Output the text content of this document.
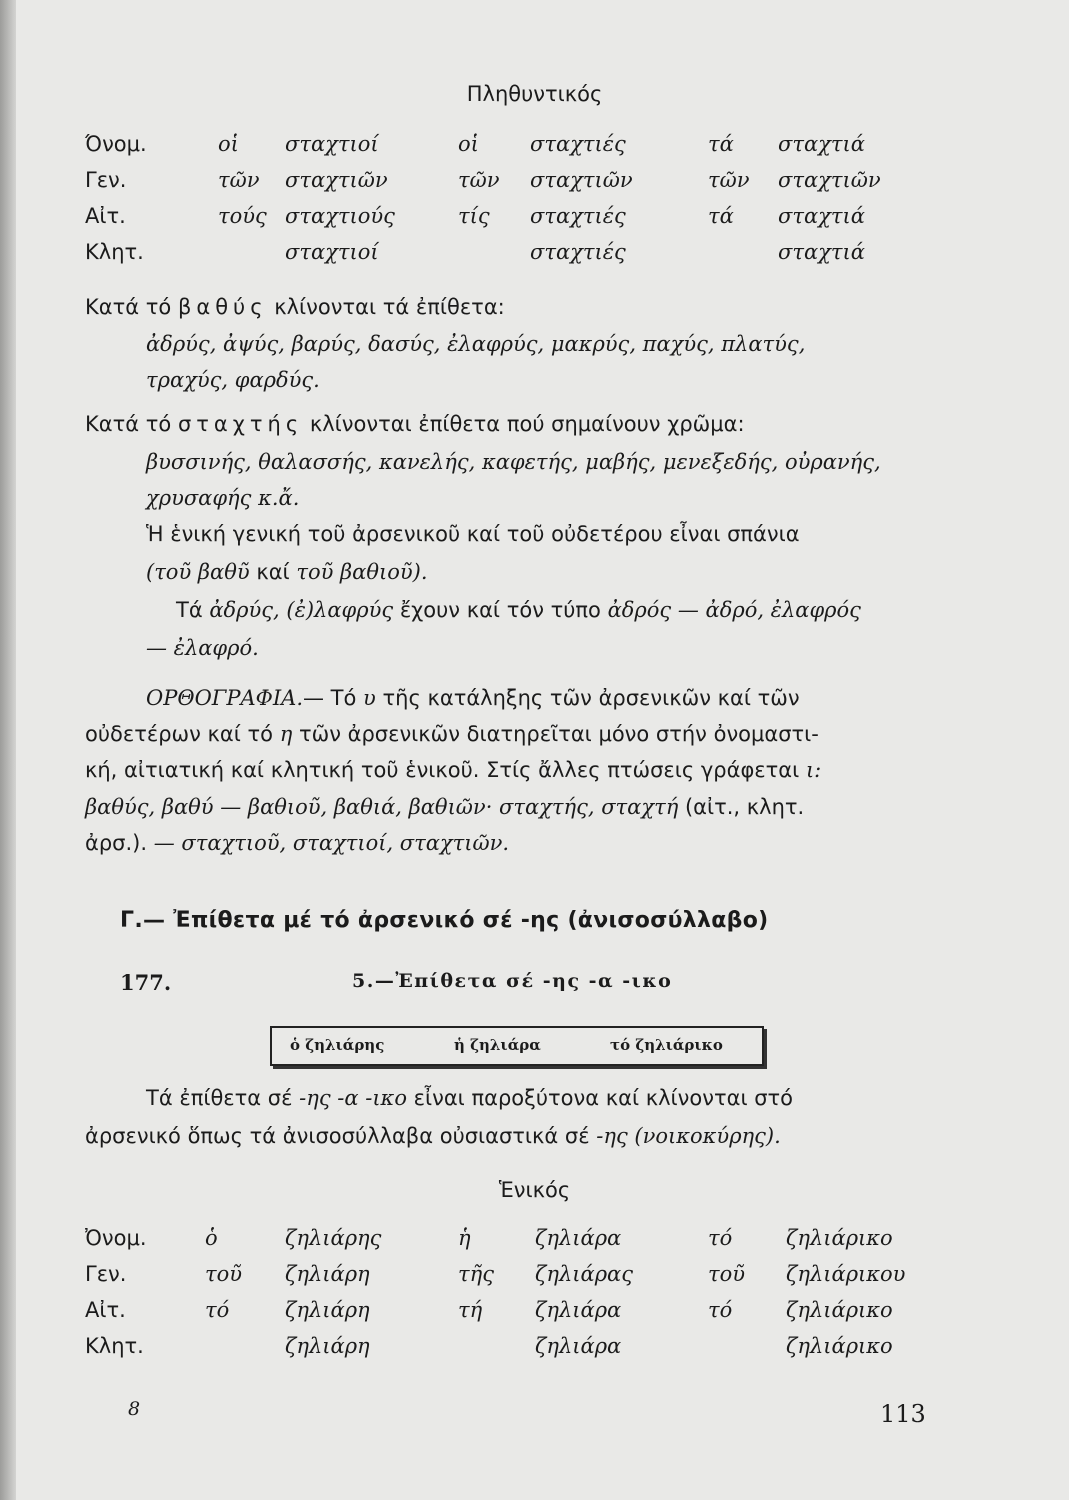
Πληθυντικός
Όνομ.	οἱ σταχτιοί	οἱ σταχτιές	τά σταχτιά
Γεν.	τῶν σταχτιῶν	τῶν σταχτιῶν	τῶν σταχτιῶν
Αἰτ.	τούς σταχτιούς	τίς σταχτιές	τά σταχτιά
Κλητ.	σταχτιοί	σταχτιές	σταχτιά
Κατά τό βαθύς κλίνονται τά ἐπίθετα:
ἀδρύς, ἀψύς, βαρύς, δασύς, ἐλαφρύς, μακρύς, παχύς, πλατύς,
τραχύς, φαρδύς.
Κατά τό σταχτής κλίνονται ἐπίθετα πού σημαίνουν χρῶμα:
βυσσινής, θαλασσής, κανελής, καφετής, μαβής, μενεξεδής, οὐρανής,
χρυσαφής κ.ἄ.
Ἡ ἑνική γενική τοῦ ἀρσενικοῦ καί τοῦ οὐδετέρου εἶναι σπάνια
(τοῦ βαθῦ καί τοῦ βαθιοῦ).
Τά ἀδρύς, (ἐ)λαφρύς ἔχουν καί τόν τύπο ἀδρός — ἀδρό, ἐλαφρός
— ἐλαφρό.
ΟΡΘΟΓΡΑΦΙΑ.— Τό υ τῆς κατάληξης τῶν ἀρσενικῶν καί τῶν
οὐδετέρων καί τό η τῶν ἀρσενικῶν διατηρεῖται μόνο στήν ὀνομαστι-
κή, αἰτιατική καί κλητική τοῦ ἑνικοῦ. Στίς ἄλλες πτώσεις γράφεται ι:
βαθύς, βαθύ — βαθιοῦ, βαθιά, βαθιῶν· σταχτής, σταχτή (αἰτ., κλητ.
ἀρσ.). — σταχτιοῦ, σταχτιοί, σταχτιῶν.
Γ.— Ἐπίθετα μέ τό ἀρσενικό σέ -ης (ἀνισοσύλλαβο)
177.	5.—Ἐπίθετα σέ -ης -α -ικο
ὁ ζηλιάρης	ἡ ζηλιάρα	τό ζηλιάρικο
Τά ἐπίθετα σέ -ης -α -ικο εἶναι παροξύτονα καί κλίνονται στό
ἀρσενικό ὅπως τά ἀνισοσύλλαβα οὐσιαστικά σέ -ης (νοικοκύρης).
Ἑνικός
Ὀνομ.	ὁ	ζηλιάρης	ἡ	ζηλιάρα	τό	ζηλιάρικο
Γεν.	τοῦ ζηλιάρη	τῆς ζηλιάρας	τοῦ ζηλιάρικου
Αἰτ.	τό	ζηλιάρη	τή	ζηλιάρα	τό	ζηλιάρικο
Κλητ.	ζηλιάρη	ζηλιάρα	ζηλιάρικο
8	113
